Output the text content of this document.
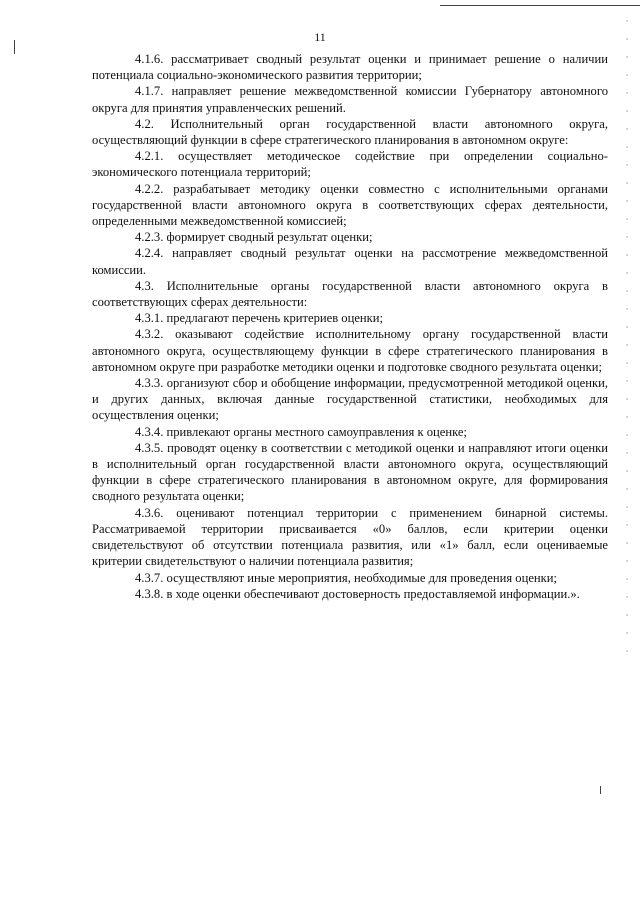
11

4.1.6. рассматривает сводный результат оценки и принимает решение о наличии потенциала социально-экономического развития территории;

4.1.7. направляет решение межведомственной комиссии Губернатору автономного округа для принятия управленческих решений.

4.2. Исполнительный орган государственной власти автономного округа, осуществляющий функции в сфере стратегического планирования в автономном округе:

4.2.1. осуществляет методическое содействие при определении социально-экономического потенциала территорий;

4.2.2. разрабатывает методику оценки совместно с исполнительными органами государственной власти автономного округа в соответствующих сферах деятельности, определенными межведомственной комиссией;

4.2.3. формирует сводный результат оценки;

4.2.4. направляет сводный результат оценки на рассмотрение межведомственной комиссии.

4.3. Исполнительные органы государственной власти автономного округа в соответствующих сферах деятельности:

4.3.1. предлагают перечень критериев оценки;

4.3.2. оказывают содействие исполнительному органу государственной власти автономного округа, осуществляющему функции в сфере стратегического планирования в автономном округе при разработке методики оценки и подготовке сводного результата оценки;

4.3.3. организуют сбор и обобщение информации, предусмотренной методикой оценки, и других данных, включая данные государственной статистики, необходимых для осуществления оценки;

4.3.4. привлекают органы местного самоуправления к оценке;

4.3.5. проводят оценку в соответствии с методикой оценки и направляют итоги оценки в исполнительный орган государственной власти автономного округа, осуществляющий функции в сфере стратегического планирования в автономном округе, для формирования сводного результата оценки;

4.3.6. оценивают потенциал территории с применением бинарной системы. Рассматриваемой территории присваивается «0» баллов, если критерии оценки свидетельствуют об отсутствии потенциала развития, или «1» балл, если оцениваемые критерии свидетельствуют о наличии потенциала развития;

4.3.7. осуществляют иные мероприятия, необходимые для проведения оценки;

4.3.8. в ходе оценки обеспечивают достоверность предоставляемой информации.».
